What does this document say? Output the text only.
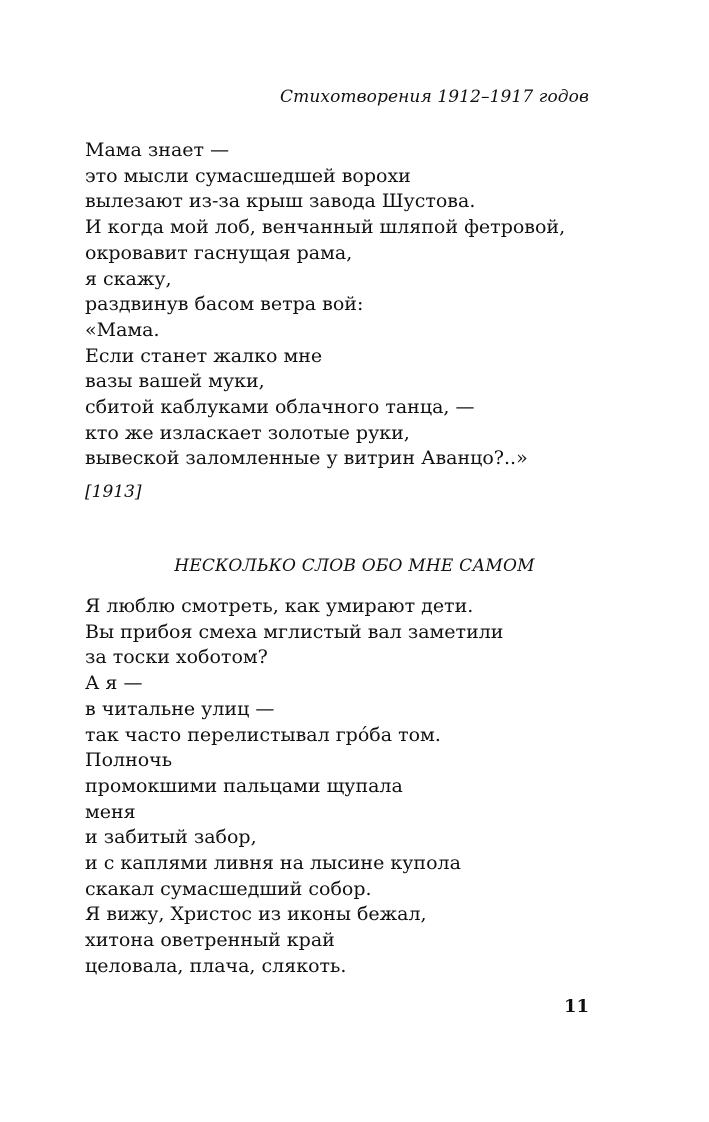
Стихотворения 1912–1917 годов
Мама знает —
это мысли сумасшедшей ворохи
вылезают из-за крыш завода Шустова.
И когда мой лоб, венчанный шляпой фетровой,
окровавит гаснущая рама,
я скажу,
раздвинув басом ветра вой:
«Мама.
Если станет жалко мне
вазы вашей муки,
сбитой каблуками облачного танца, —
кто же изласкает золотые руки,
вывеской заломленные у витрин Аванцо?..»
[1913]
НЕСКОЛЬКО СЛОВ ОБО МНЕ САМОМ
Я люблю смотреть, как умирают дети.
Вы прибоя смеха мглистый вал заметили
за тоски хоботом?
А я —
в читальне улиц —
так часто перелистывал гро́ба том.
Полночь
промокшими пальцами щупала
меня
и забитый забор,
и с каплями ливня на лысине купола
скакал сумасшедший собор.
Я вижу, Христос из иконы бежал,
хитона оветренный край
целовала, плача, слякоть.
11
